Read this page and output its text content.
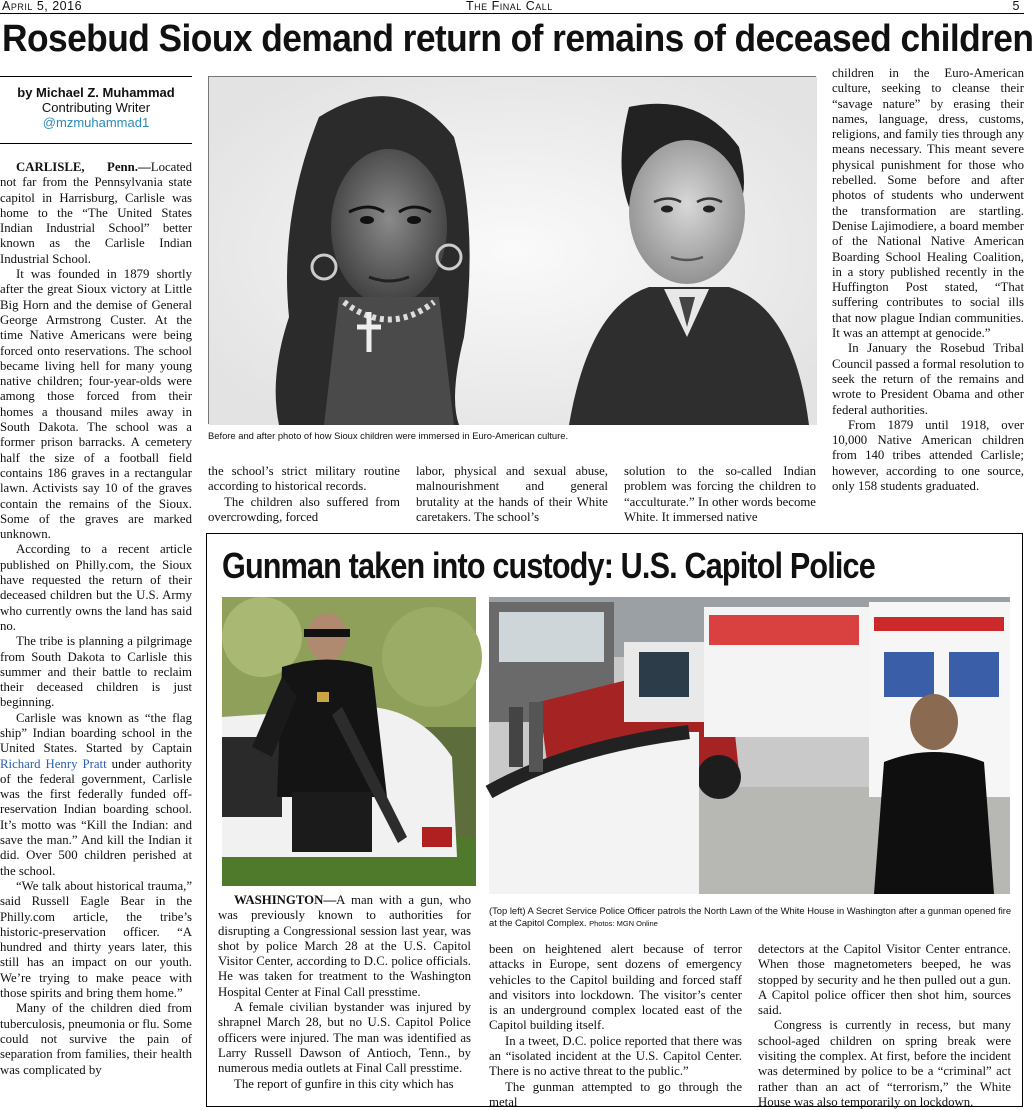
April 5, 2016	The Final Call	5
Rosebud Sioux demand return of remains of deceased children
by Michael Z. Muhammad
Contributing Writer
@mzmuhammad1

CARLISLE, Penn.—Located not far from the Pennsylvania state capitol in Harrisburg, Carlisle was home to the “The United States Indian Industrial School” better known as the Carlisle Indian Industrial School.

It was founded in 1879 shortly after the great Sioux victory at Little Big Horn and the demise of General George Armstrong Custer. At the time Native Americans were being forced onto reservations. The school became living hell for many young native children; four-year-olds were among those forced from their homes a thousand miles away in South Dakota. The school was a former prison barracks. A cemetery half the size of a football field contains 186 graves in a rectangular lawn. Activists say 10 of the graves contain the remains of the Sioux. Some of the graves are marked unknown.

According to a recent article published on Philly.com, the Sioux have requested the return of their deceased children but the U.S. Army who currently owns the land has said no.

The tribe is planning a pilgrimage from South Dakota to Carlisle this summer and their battle to reclaim their deceased children is just beginning.

Carlisle was known as “the flag ship” Indian boarding school in the United States. Started by Captain Richard Henry Pratt under authority of the federal government, Carlisle was the first federally funded off-reservation Indian boarding school. It’s motto was “Kill the Indian: and save the man.” And kill the Indian it did. Over 500 children perished at the school.

“We talk about historical trauma,” said Russell Eagle Bear in the Philly.com article, the tribe’s historic-preservation officer. “A hundred and thirty years later, this still has an impact on our youth. We’re trying to make peace with those spirits and bring them home.”

Many of the children died from tuberculosis, pneumonia or flu. Some could not survive the pain of separation from families, their health was complicated by

Before and after photo of how Sioux children were immersed in Euro-American culture.

the school’s strict military routine according to historical records.

The children also suffered from overcrowding, forced

labor, physical and sexual abuse, malnourishment and general brutality at the hands of their White caretakers. The school’s

solution to the so-called Indian problem was forcing the children to “acculturate.” In other words become White. It immersed native

children in the Euro-American culture, seeking to cleanse their “savage nature” by erasing their names, language, dress, customs, religions, and family ties through any means necessary. This meant severe physical punishment for those who rebelled. Some before and after photos of students who underwent the transformation are startling. Denise Lajimodiere, a board member of the National Native American Boarding School Healing Coalition, in a story published recently in the Huffington Post stated, “That suffering contributes to social ills that now plague Indian communities. It was an attempt at genocide.”

In January the Rosebud Tribal Council passed a formal resolution to seek the return of the remains and wrote to President Obama and other federal authorities.

From 1879 until 1918, over 10,000 Native American children from 140 tribes attended Carlisle; however, according to one source, only 158 students graduated.

Gunman taken into custody: U.S. Capitol Police
(Top left) A Secret Service Police Officer patrols the North Lawn of the White House in Washington after a gunman opened fire at the Capitol Complex. Photos: MGN Online

WASHINGTON—A man with a gun, who was previously known to authorities for disrupting a Congressional session last year, was shot by police March 28 at the U.S. Capitol Visitor Center, according to D.C. police officials. He was taken for treatment to the Washington Hospital Center at Final Call presstime.

A female civilian bystander was injured by shrapnel March 28, but no U.S. Capitol Police officers were injured. The man was identified as Larry Russell Dawson of Antioch, Tenn., by numerous media outlets at Final Call presstime.

The report of gunfire in this city which has

been on heightened alert because of terror attacks in Europe, sent dozens of emergency vehicles to the Capitol building and forced staff and visitors into lockdown. The visitor’s center is an underground complex located east of the Capitol building itself.

In a tweet, D.C. police reported that there was an “isolated incident at the U.S. Capitol Center. There is no active threat to the public.”

The gunman attempted to go through the metal

detectors at the Capitol Visitor Center entrance. When those magnetometers beeped, he was stopped by security and he then pulled out a gun. A Capitol police officer then shot him, sources said.

Congress is currently in recess, but many school-aged children on spring break were visiting the complex. At first, before the incident was determined by police to be a “criminal” act rather than an act of “terrorism,” the White House was also temporarily on lockdown.
